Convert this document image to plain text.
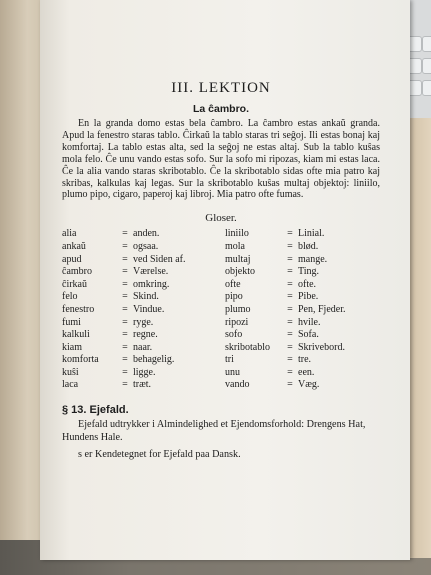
III. LEKTION
La ĉambro.

En la granda domo estas bela ĉambro. La ĉambro estas ankaŭ granda. Apud la fenestro staras tablo. Ĉirkaŭ la tablo staras tri seĝoj. Ili estas bonaj kaj komfortaj. La tablo estas alta, sed la seĝoj ne estas altaj. Sub la tablo kuŝas mola felo. Ĉe unu vando estas sofo. Sur la sofo mi ripozas, kiam mi estas laca. Ĉe la alia vando staras skribotablo. Ĉe la skribotablo sidas ofte mia patro kaj skribas, kalkulas kaj legas. Sur la skribotablo kuŝas multaj objektoj: liniilo, plumo pipo, cigaro, paperoj kaj libroj. Mia patro ofte fumas.

Gloser.
alia	= anden.
ankaŭ	= ogsaa.
apud	= ved Siden af.
ĉambro	= Værelse.
ĉirkaŭ	= omkring.
felo	= Skind.
fenestro	= Vindue.
fumi	= ryge.
kalkuli	= regne.
kiam	= naar.
komforta	= behagelig.
kuŝi	= ligge.
laca	= træt.
liniilo	= Linial.
mola	= blød.
multaj	= mange.
objekto	= Ting.
ofte	= ofte.
pipo	= Pibe.
plumo	= Pen, Fjeder.
ripozi	= hvile.
sofo	= Sofa.
skribotablo	= Skrivebord.
tri	= tre.
unu	= een.
vando	= Væg.
§ 13. Ejefald.

Ejefald udtrykker i Almindelighed et Ejendomsforhold: Drengens Hat, Hundens Hale.

s er Kendetegnet for Ejefald paa Dansk.
